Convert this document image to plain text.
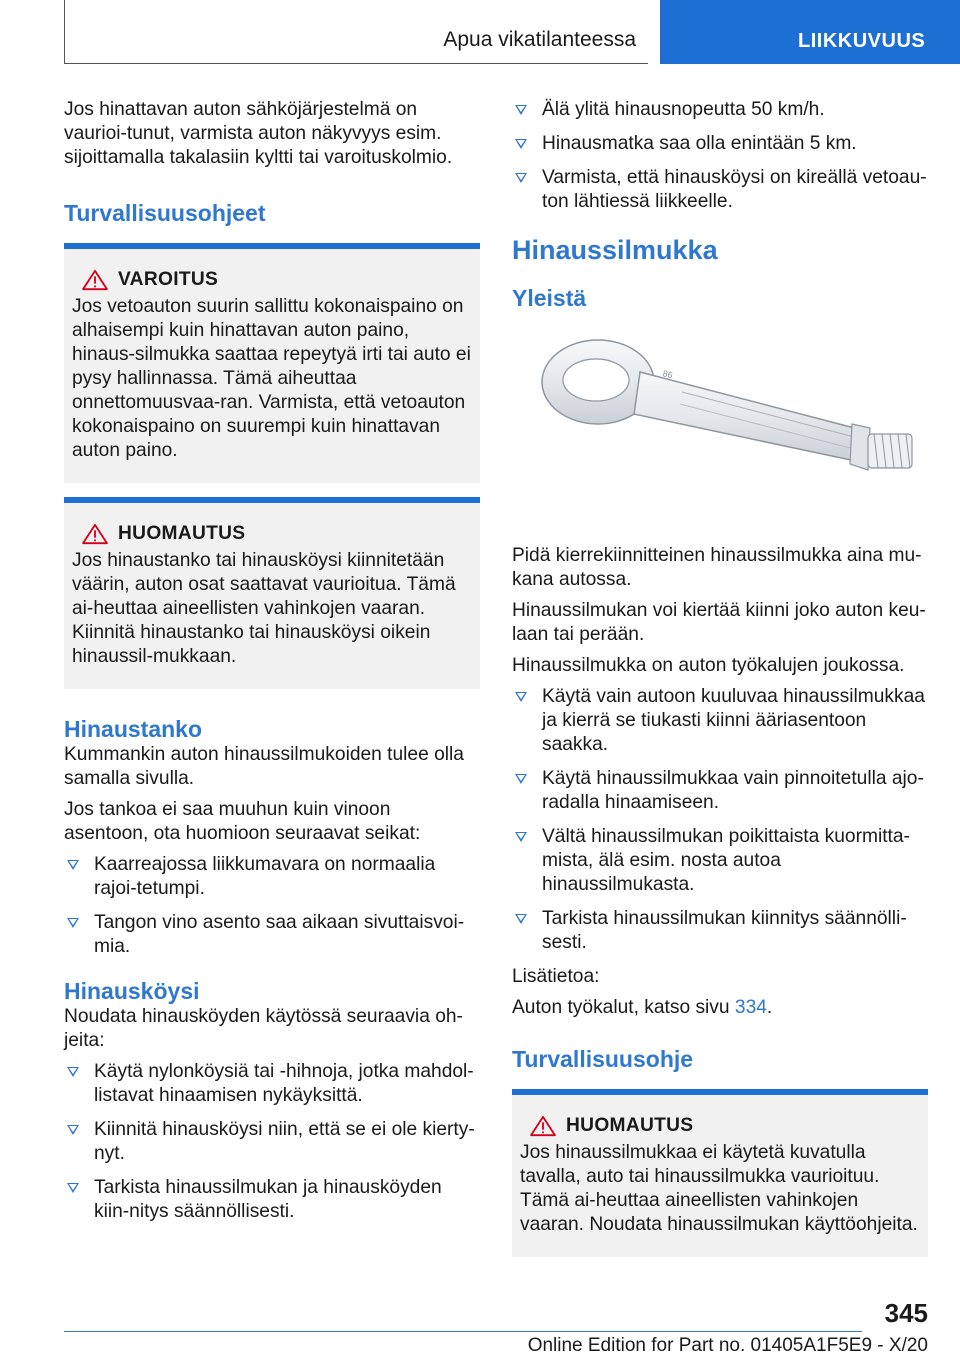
Apua vikatilanteessa	LIIKKUVUUS

Jos hinattavan auton sähköjärjestelmä on vaurioi-tunut, varmista auton näkyvyys esim. sijoittamalla takalasiin kyltti tai varoituskolmio.

Turvallisuusohjeet
VAROITUS

Jos vetoauton suurin sallittu kokonaispaino on alhaisempi kuin hinattavan auton paino, hinaus-silmukka saattaa repeytyä irti tai auto ei pysy hallinnassa. Tämä aiheuttaa onnettomuusvaa-ran. Varmista, että vetoauton kokonaispaino on suurempi kuin hinattavan auton paino.

HUOMAUTUS

Jos hinaustanko tai hinausköysi kiinnitetään väärin, auton osat saattavat vaurioitua. Tämä ai-heuttaa aineellisten vahinkojen vaaran. Kiinnitä hinaustanko tai hinausköysi oikein hinaussil-mukkaan.

Hinaustanko

Kummankin auton hinaussilmukoiden tulee olla samalla sivulla.

Jos tankoa ei saa muuhun kuin vinoon asentoon, ota huomioon seuraavat seikat:

Kaarreajossa liikkumavara on normaalia rajoi-tetumpi.
Tangon vino asento saa aikaan sivuttaisvoi-mia.
Hinausköysi

Noudata hinausköyden käytössä seuraavia oh-jeita:

Käytä nylonköysiä tai -hihnoja, jotka mahdol-listavat hinaamisen nykäyksittä.
Kiinnitä hinausköysi niin, että se ei ole kierty-nyt.
Tarkista hinaussilmukan ja hinausköyden kiin-nitys säännöllisesti.
Älä ylitä hinausnopeutta 50 km/h.
Hinausmatka saa olla enintään 5 km.
Varmista, että hinausköysi on kireällä vetoau-ton lähtiessä liikkeelle.
Hinaussilmukka
Yleistä
86

Pidä kierrekiinnitteinen hinaussilmukka aina mu-kana autossa.

Hinaussilmukan voi kiertää kiinni joko auton keu-laan tai perään.

Hinaussilmukka on auton työkalujen joukossa.

Käytä vain autoon kuuluvaa hinaussilmukkaa ja kierrä se tiukasti kiinni ääriasentoon saakka.
Käytä hinaussilmukkaa vain pinnoitetulla ajo-radalla hinaamiseen.
Vältä hinaussilmukan poikittaista kuormitta-mista, älä esim. nosta autoa hinaussilmukasta.
Tarkista hinaussilmukan kiinnitys säännölli-sesti.

Lisätietoa:

Auton työkalut, katso sivu 334.

Turvallisuusohje
HUOMAUTUS

Jos hinaussilmukkaa ei käytetä kuvatulla tavalla, auto tai hinaussilmukka vaurioituu. Tämä ai-heuttaa aineellisten vahinkojen vaaran. Noudata hinaussilmukan käyttöohjeita.

345
Online Edition for Part no. 01405A1F5E9 - X/20
